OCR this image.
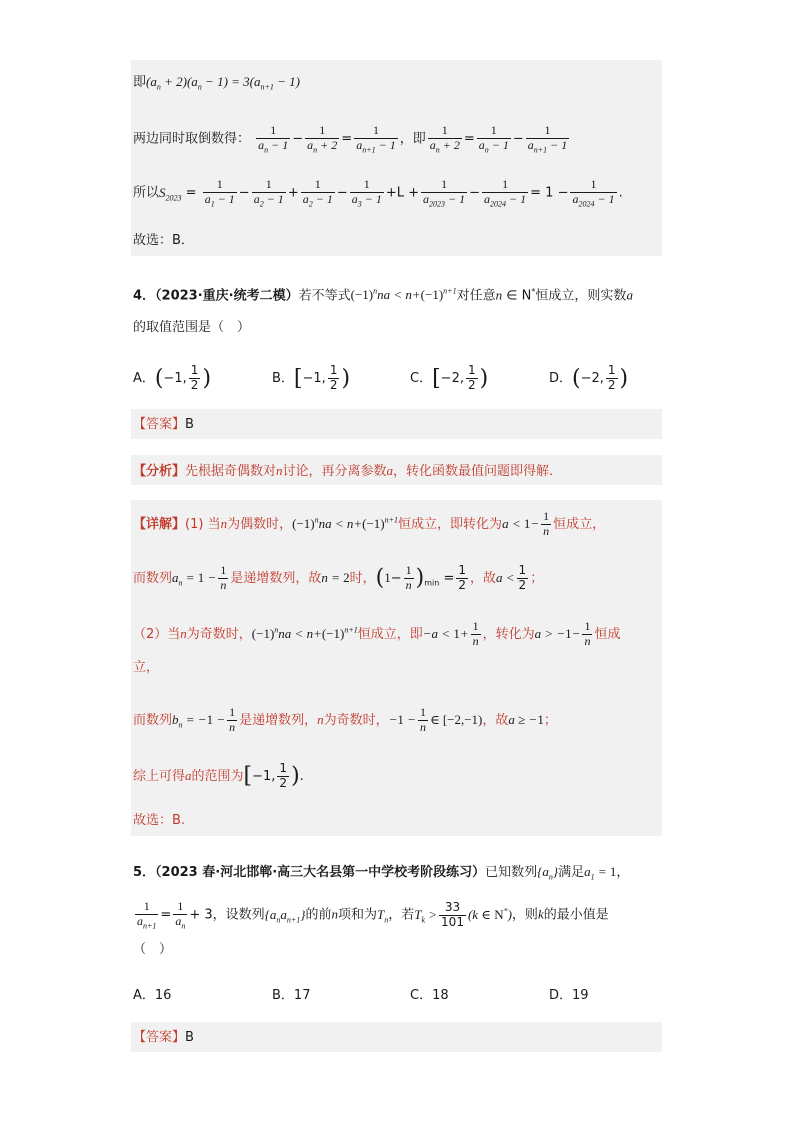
即$(a_n + 2)(a_n - 1) = 3(a_{n+1} - 1)$
两边同时取倒数得： $\frac{1}{a_n - 1} - \frac{1}{a_n + 2} = \frac{1}{a_{n+1} - 1}$ ，即 $\frac{1}{a_n + 2} = \frac{1}{a_n - 1} - \frac{1}{a_{n+1} - 1}$
所以$S_{2023} = \frac{1}{a_1 - 1} - \frac{1}{a_2 - 1} + \frac{1}{a_2 - 1} - \frac{1}{a_3 - 1} +L + \frac{1}{a_{2023} - 1} - \frac{1}{a_{2024} - 1} = 1 - \frac{1}{a_{2024} - 1}$ .
故选：B．
4．（2023·重庆·统考二模）若不等式$(-1)^nna < n+(-1)^{n+1}$对任意n ∈ N*恒成立，则实数a
的取值范围是（　）
A．(−1, $\frac{1}{2}$ )	B．[−1, $\frac{1}{2}$ )	C．[−2, $\frac{1}{2}$ )	D．(−2, $\frac{1}{2}$ )
【答案】B
【分析】先根据奇偶数对n讨论，再分离参数a，转化函数最值问题即得解.
【详解】(1) 当n为偶数时，$(-1)^nna < n+(-1)^{n+1}$恒成立，即转化为$a < 1- \frac{1}{n}$ 恒成立，
而数列$a_n = 1 - \frac{1}{n}$ 是递增数列，故n = 2时，$(1- \frac{1}{n} )_{min} = \frac{1}{2}$ ，故$a < \frac{1}{2}$ ；
（2）当n为奇数时，$(-1)^nna < n+(-1)^{n+1}$恒成立，即$-a < 1+ \frac{1}{n}$ ，转化为$a > -1- \frac{1}{n}$ 恒成
立，
而数列$b_n = -1 - \frac{1}{n}$ 是递增数列，n为奇数时，$-1 - \frac{1}{n}$ ∈ [−2,−1)，故a ≥ −1；
综上可得a的范围为[−1, $\frac{1}{2}$ ).
故选：B.
5．（2023 春·河北邯郸·高三大名县第一中学校考阶段练习）已知数列$\{a_n\}$满足$a_1 = 1$，
$\frac{1}{a_{n+1}} = \frac{1}{a_n} + 3$，设数列$\{a_na_{n+1}\}$的前n项和为$T_n$，若$T_k > \frac{33}{101} (k$ ∈ N*)，则k的最小值是
（　）
A．16	B．17	C．18	D．19
【答案】B
